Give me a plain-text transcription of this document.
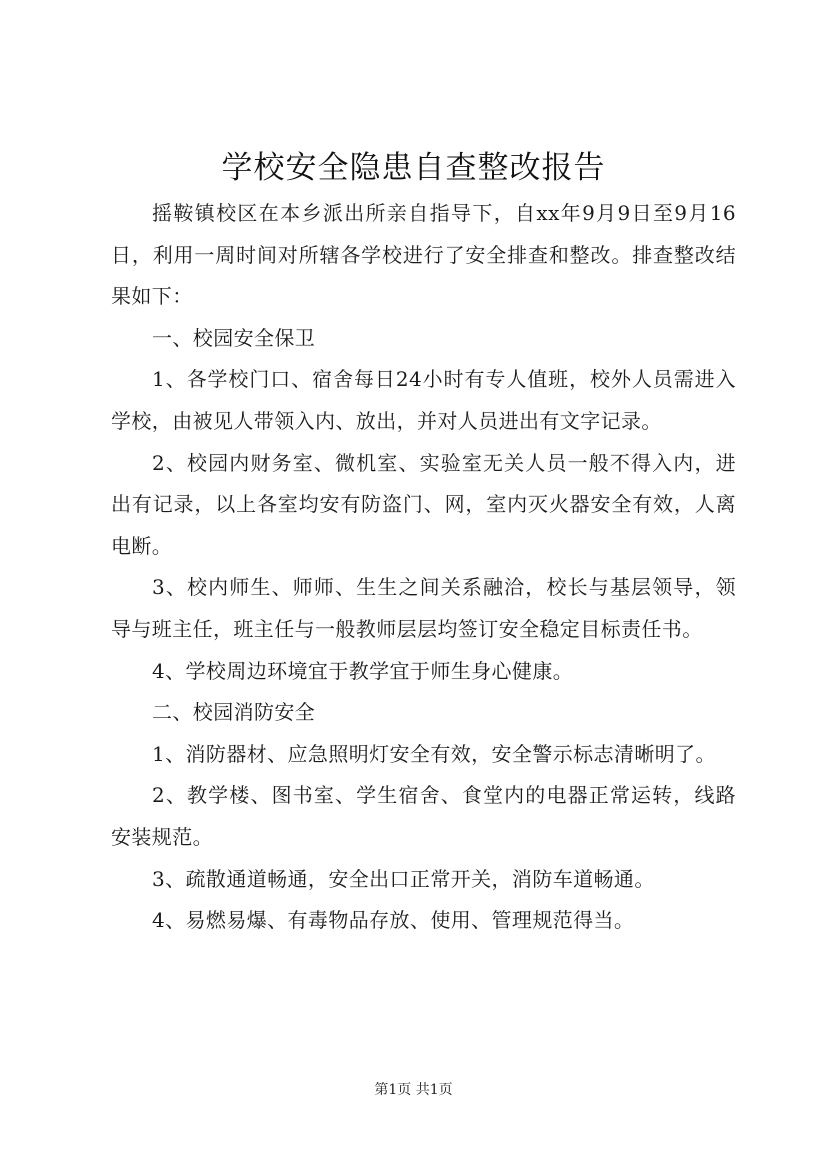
学校安全隐患自查整改报告

摇鞍镇校区在本乡派出所亲自指导下，自xx年9月9日至9月16日，利用一周时间对所辖各学校进行了安全排查和整改。排查整改结果如下：

一、校园安全保卫

1、各学校门口、宿舍每日24小时有专人值班，校外人员需进入学校，由被见人带领入内、放出，并对人员进出有文字记录。

2、校园内财务室、微机室、实验室无关人员一般不得入内，进出有记录，以上各室均安有防盗门、网，室内灭火器安全有效，人离电断。

3、校内师生、师师、生生之间关系融洽，校长与基层领导，领导与班主任，班主任与一般教师层层均签订安全稳定目标责任书。

4、学校周边环境宜于教学宜于师生身心健康。

二、校园消防安全

1、消防器材、应急照明灯安全有效，安全警示标志清晰明了。

2、教学楼、图书室、学生宿舍、食堂内的电器正常运转，线路安装规范。

3、疏散通道畅通，安全出口正常开关，消防车道畅通。

4、易燃易爆、有毒物品存放、使用、管理规范得当。

第1页 共1页
